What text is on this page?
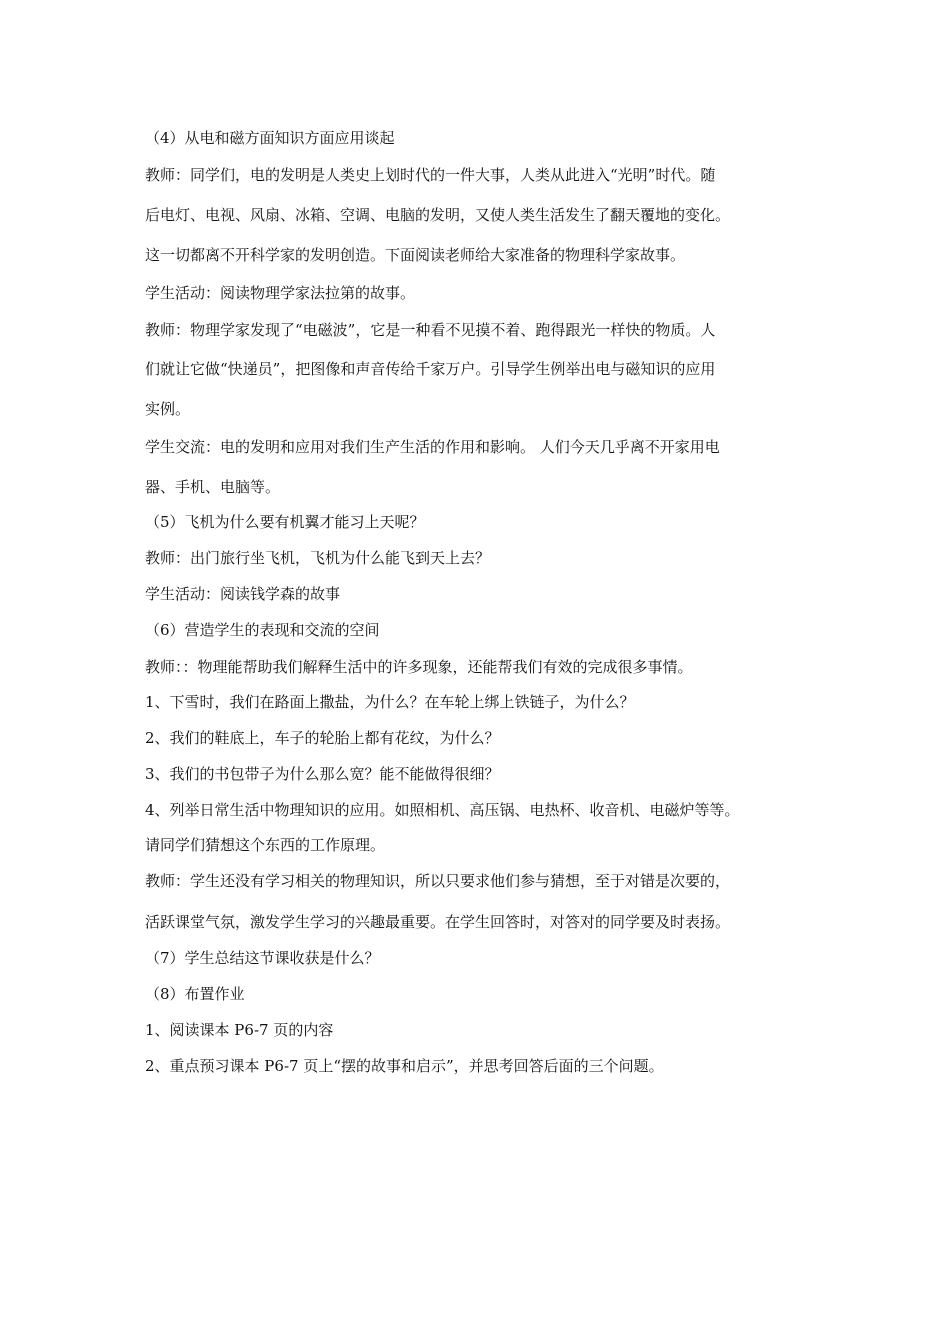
（4）从电和磁方面知识方面应用谈起
教师：同学们，电的发明是人类史上划时代的一件大事，人类从此进入“光明”时代。随
后电灯、电视、风扇、冰箱、空调、电脑的发明，又使人类生活发生了翻天覆地的变化。
这一切都离不开科学家的发明创造。下面阅读老师给大家准备的物理科学家故事。
学生活动：阅读物理学家法拉第的故事。
教师：物理学家发现了“电磁波”，它是一种看不见摸不着、跑得跟光一样快的物质。人
们就让它做“快递员”，把图像和声音传给千家万户。引导学生例举出电与磁知识的应用
实例。
学生交流：电的发明和应用对我们生产生活的作用和影响。 人们今天几乎离不开家用电
器、手机、电脑等。
（5）飞机为什么要有机翼才能习上天呢？
教师：出门旅行坐飞机，飞机为什么能飞到天上去？
学生活动：阅读钱学森的故事
（6）营造学生的表现和交流的空间
教师：：物理能帮助我们解释生活中的许多现象，还能帮我们有效的完成很多事情。
1、下雪时，我们在路面上撒盐，为什么？在车轮上绑上铁链子，为什么？
2、我们的鞋底上，车子的轮胎上都有花纹，为什么？
3、我们的书包带子为什么那么宽？能不能做得很细？
4、列举日常生活中物理知识的应用。如照相机、高压锅、电热杯、收音机、电磁炉等等。
请同学们猜想这个东西的工作原理。
教师：学生还没有学习相关的物理知识，所以只要求他们参与猜想，至于对错是次要的，
活跃课堂气氛，激发学生学习的兴趣最重要。在学生回答时，对答对的同学要及时表扬。
（7）学生总结这节课收获是什么？
（8）布置作业
1、阅读课本 P6-7 页的内容
2、重点预习课本 P6-7 页上“摆的故事和启示”，并思考回答后面的三个问题。
